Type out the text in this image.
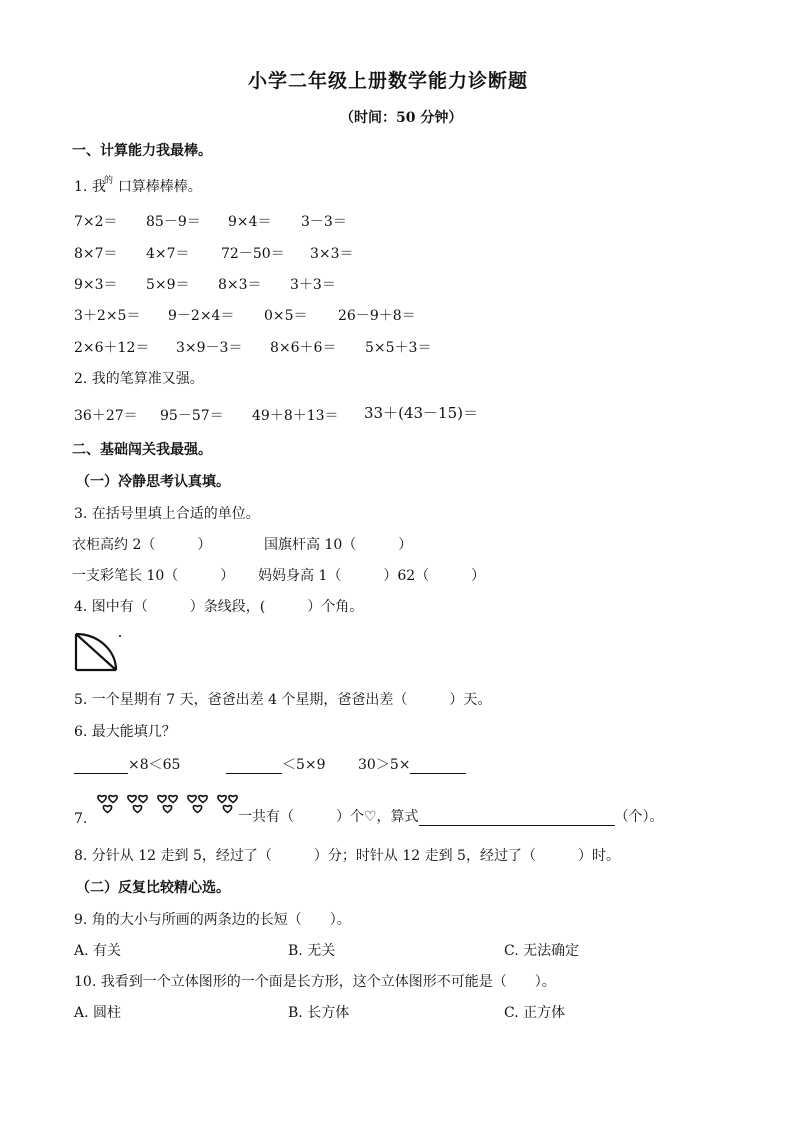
小学二年级上册数学能力诊断题
（时间：50 分钟）
一、计算能力我最棒。
1. 我 口算棒棒棒。
的
7×2＝ 85－9＝ 9×4＝ 3－3＝
8×7＝ 4×7＝ 72－50＝ 3×3＝
9×3＝ 5×9＝ 8×3＝ 3＋3＝
3＋2×5＝ 9－2×4＝ 0×5＝ 26－9＋8＝
2×6＋12＝ 3×9－3＝ 8×6＋6＝ 5×5＋3＝
2. 我的笔算准又强。
36＋27＝ 95－57＝ 49＋8＋13＝ 33＋(43－15)＝
二、基础闯关我最强。
（一）冷静思考认真填。
3. 在括号里填上合适的单位。
衣柜高约 2（　　　）	国旗杆高 10（　　　）
一支彩笔长 10（　　　） 妈妈身高 1（　　　）62（　　　）
4. 图中有（　　　）条线段，(　　　）个角。
5. 一个星期有 7 天，爸爸出差 4 个星期，爸爸出差（　　　）天。
6. 最大能填几？
×8＜65	＜5×9 30＞5×
7.	一共有（　　　）个♡，算式	（个）。
8. 分针从 12 走到 5，经过了（　　　）分；时针从 12 走到 5，经过了（　　　）时。
（二）反复比较精心选。
9. 角的大小与所画的两条边的长短（　　）。
A. 有关	B. 无关	C. 无法确定
10. 我看到一个立体图形的一个面是长方形，这个立体图形不可能是（　　）。
A. 圆柱	B. 长方体	C. 正方体
